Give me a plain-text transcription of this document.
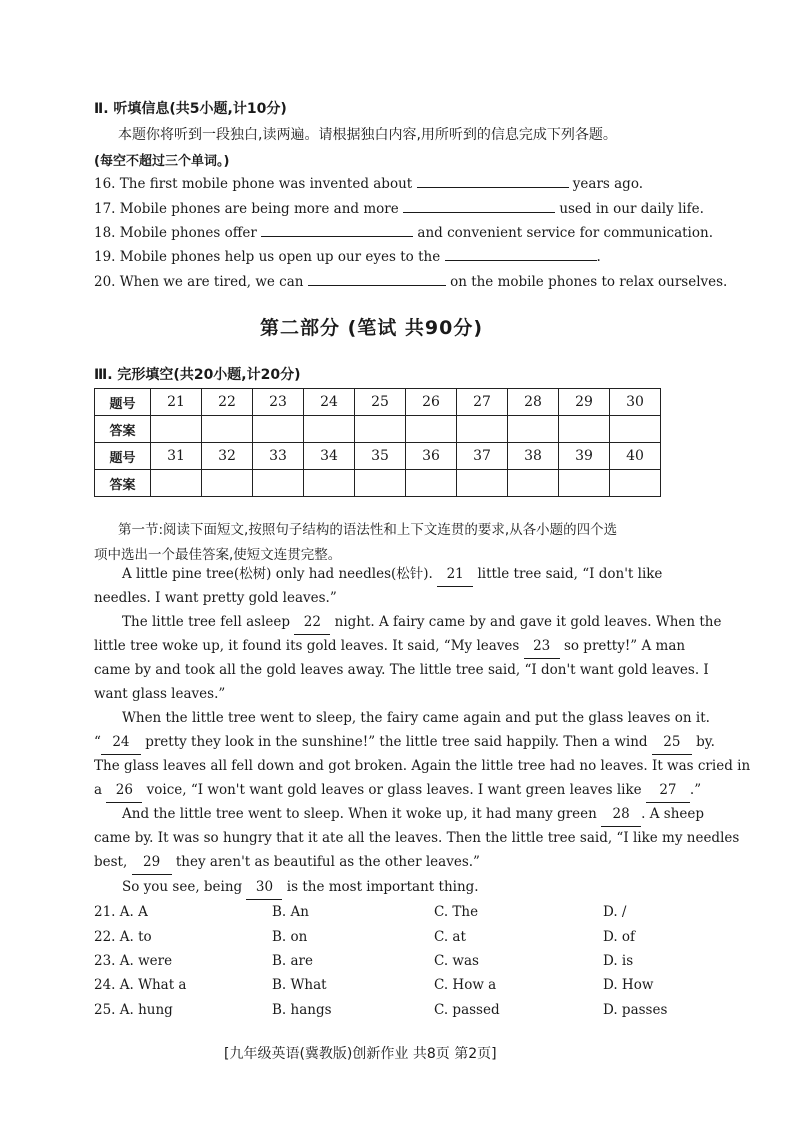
Ⅱ. 听填信息(共5小题,计10分)
本题你将听到一段独白,读两遍。请根据独白内容,用所听到的信息完成下列各题。
(每空不超过三个单词。)
16. The first mobile phone was invented about	years ago.
17. Mobile phones are being more and more	used in our daily life.
18. Mobile phones offer	and convenient service for communication.
19. Mobile phones help us open up our eyes to the	.
20. When we are tired, we can	on the mobile phones to relax ourselves.
第二部分 (笔试 共90分)
Ⅲ. 完形填空(共20小题,计20分)
题号	21	22	23	24	25	26	27	28	29	30
答案										
题号	31	32	33	34	35	36	37	38	39	40
答案										
第一节:阅读下面短文,按照句子结构的语法性和上下文连贯的要求,从各小题的四个选
项中选出一个最佳答案,使短文连贯完整。
A little pine tree(松树) only had needles(松针). 21 little tree said, “I don't like
needles. I want pretty gold leaves.”
The little tree fell asleep 22 night. A fairy came by and gave it gold leaves. When the
little tree woke up, it found its gold leaves. It said, “My leaves 23 so pretty!” A man
came by and took all the gold leaves away. The little tree said, “I don't want gold leaves. I
want glass leaves.”
When the little tree went to sleep, the fairy came again and put the glass leaves on it.
“ 24 pretty they look in the sunshine!” the little tree said happily. Then a wind 25 by.
The glass leaves all fell down and got broken. Again the little tree had no leaves. It was cried in
a 26 voice, “I won't want gold leaves or glass leaves. I want green leaves like 27 .”
And the little tree went to sleep. When it woke up, it had many green 28 . A sheep
came by. It was so hungry that it ate all the leaves. Then the little tree said, “I like my needles
best, 29 they aren't as beautiful as the other leaves.”
So you see, being 30 is the most important thing.
21. A. A	B. An	C. The	D. /
22. A. to	B. on	C. at	D. of
23. A. were	B. are	C. was	D. is
24. A. What a	B. What	C. How a	D. How
25. A. hung	B. hangs	C. passed	D. passes
[九年级英语(冀教版)创新作业 共8页 第2页]
